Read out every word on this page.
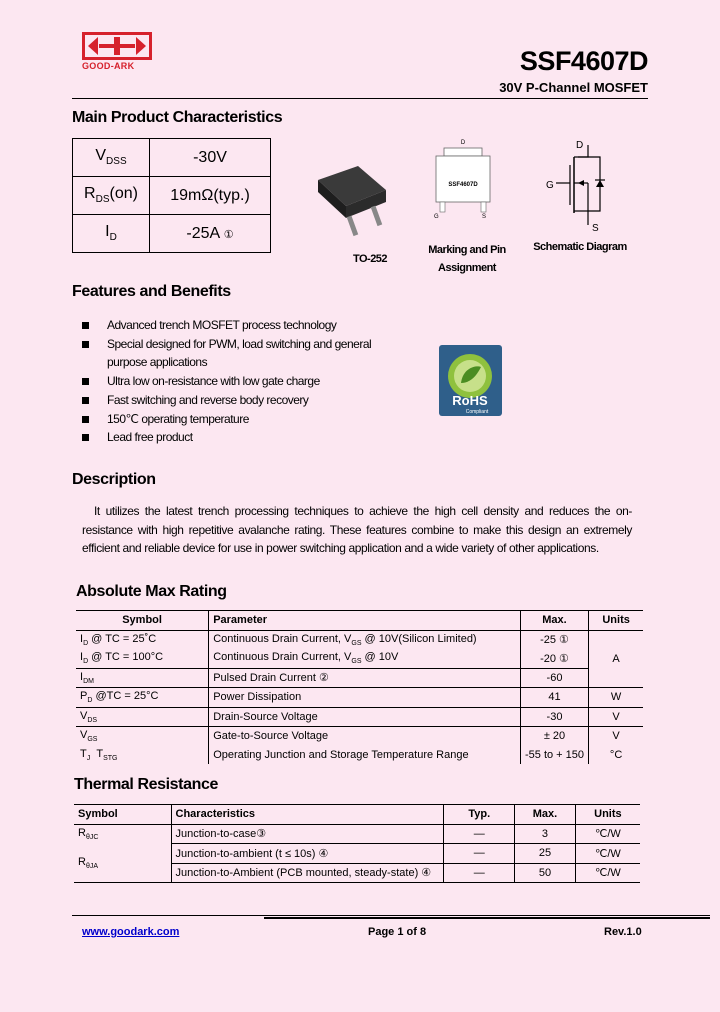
GOOD-ARK	SSF4607D
30V P-Channel MOSFET
Main Product Characteristics
$V_{DSS}$	-30V
$R_{DS}(on)$	19mΩ(typ.)
$I_D$	-25A ①
TO-252
D
SSF4607D
G	S
Marking and Pin Assignment
D
G
S
Schematic Diagram
Features and Benefits
Advanced trench MOSFET process technology
Special designed for PWM, load switching and general purpose applications
Ultra low on-resistance with low gate charge
Fast switching and reverse body recovery
150℃ operating temperature
Lead free product
RoHS
Compliant
Description
It utilizes the latest trench processing techniques to achieve the high cell density and reduces the on-resistance with high repetitive avalanche rating. These features combine to make this design an extremely efficient and reliable device for use in power switching application and a wide variety of other applications.
Absolute Max Rating
Symbol	Parameter	Max.	Units
$I_D$ @ TC = 25˚C	Continuous Drain Current, $V_{GS}$ @ 10V(Silicon Limited)	-25 ①	A
$I_D$ @ TC = 100°C	Continuous Drain Current, $V_{GS}$ @ 10V	-20 ①	
$I_{DM}$	Pulsed Drain Current ②	-60	
$P_D$ @TC = 25°C	Power Dissipation	41	W
$V_{DS}$	Drain-Source Voltage	-30	V
$V_{GS}$	Gate-to-Source Voltage	± 20	V
$T_J$ $T_{STG}$	Operating Junction and Storage Temperature Range	-55 to + 150	°C
Thermal Resistance
Symbol	Characteristics	Typ.	Max.	Units
$R_{\theta JC}$	Junction-to-case③	—	3	℃/W
$R_{\theta JA}$	Junction-to-ambient (t ≤ 10s) ④	—	25	℃/W
	Junction-to-Ambient (PCB mounted, steady-state) ④	—	50	℃/W
www.goodark.com	Page 1 of 8	Rev.1.0
